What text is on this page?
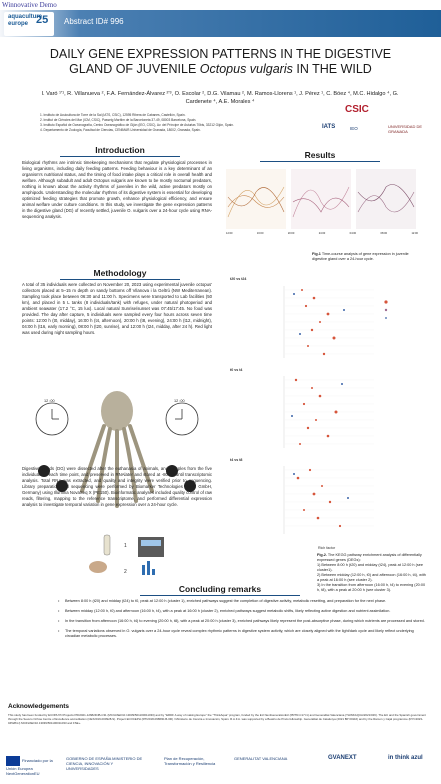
Winnovative Demo
aquaculture
europe 25 Abstract ID# 996
DAILY GENE EXPRESSION PATTERNS IN THE DIGESTIVE
GLAND OF JUVENILE Octopus vulgaris IN THE WILD
I. Varó ¹ʼ¹, R. Villanueva ², F.A. Fernández-Álvarez ²ʼ³, O. Escolar ², D.G. Vilamau ², M. Ramos-Llorens ¹, J. Pérez ¹, C. Bóez ⁴, M.C. Hidalgo ⁴, G. Cardenete ⁴, A.E. Morales ⁴
1. Instituto de Acuicultura de Torre de la Sal (IATS, CSIC), 12595 Ribera de Cabanes, Castellón, Spain.
2. Institut de Ciències del Mar (ICM, CSIC), Passeig Marítim de la Barceloneta 37-49, 08003 Barcelona, Spain.
3. Instituto Español de Oceanografía, Centro Oceanográfico de Gijón (IEO, CSIC), Av. del Príncipe de Asturias 70bis, 33212 Gijón, Spain.
4. Departamento de Zoología, Facultad de Ciencias, CENIMAR-Universidad de Granada, 18002, Granada, Spain.
CSIC
IATS	IEO	UNIVERSIDAD DE GRANADA
Introduction
Biological rhythms are intrinsic timekeeping mechanisms that regulate physiological processes in living organisms, including daily feeding patterns. Feeding behaviour is a key determinant of an organism's nutritional status, and the timing of food intake plays a critical role in overall health and welfare. Although subadult and adult Octopus vulgaris are known to be mostly nocturnal predators, nothing is known about the activity rhythms of juveniles in the wild, active predators mostly on amphipods. Understanding the molecular rhythms of its digestive system is essential for developing optimized feeding strategies that promote growth, enhance physiological efficiency, and ensure animal welfare under culture conditions. In this study, we investigate the gene expression patterns in the digestive gland (DG) of recently settled, juvenile O. vulgaris over a 24-hour cycle using RNA-sequencing analysis.
Methodology
A total of 35 individuals were collected on November 20, 2023 using experimental juvenile octopus' collectors placed at 5–15 m depth on sandy bottoms off Vilanova i la Geltrú (NW Mediterranean). Sampling took place between 06:30 and 11:00 h. Specimens were transported to Lab facilities (50 km), and placed in 5 L tanks (8 individuals/tank) with refuges, under natural photoperiod and ambient seawater (17.2 °C, 15 lux). Local natural Sunrise/sunset was 07:45/17:45. No food was provided. The day after capture, 5 individuals were sampled every four hours across seven time points: 12:00 h (t0, midday), 16:00 h (t4, afternoon), 20:00 h (t8, evening), 24:00 h (t12, midnight), 04:00 h (t16, early morning), 08:00 h (t20, sunrise), and 12:00 h (t24, midday, after 24 h). Red light was used during night sampling hours.
12 :00	12 :00
Digestive glands (DG) were dissected after the euthanasia of animals, and samples from the five individuals at each time point, and preserved in RNAlater and stored at -80 °C until transcriptomic analysis. Total RNA was extracted, and quality and integrity were verified prior to sequencing. Library preparation and sequencing were performed by Biomarker Technologies (BMK GmbH, Germany) using Illumina NovaSeq X (PE150). Bioinformatic analyses included quality control of raw reads, filtering, mapping to the reference transcriptome, and performed differential expression analysis to investigate temporal variation in gene expression over a 24-hour cycle.
1
2
Results
12:00	16:00	20:00	24:00	04:00	08:00	12:00
Fig.1 Time-course analysis of gene expression in juvenile digestive gland over a 24-hour cycle.
t20 vs t24
t0 vs t4
t4 vs t8
Rich factor
Fig.2. The KEGG pathway enrichment analysis of differentially expressed genes (DEGs):
1) Between 8:00 h (t20) and midday (t24), peak at 12:00 h (see cluster1).
2) Between midday (12:00 h, t0) and afternoon (16:00 h, t4), with a peak at 16:00 h (see cluster 2).
3) In the transition from afternoon (16:00 h, t4) to evening (20:00 h, t8), with a peak at 20:00 h (see cluster 3).
Concluding remarks
• Between 8:00 h (t20) and midday (t24) to t0, peak at 12:00 h (cluster 1), enriched pathways suggest the completion of digestive activity, metabolic resetting, and preparation for the next phase.
• Between midday (12:00 h, t0) and afternoon (16:00 h, t4), with a peak at 16:00 h (cluster 2), enriched pathways suggest metabolic shifts, likely reflecting active digestion and nutrient assimilation.
• In the transition from afternoon (16:00 h, t4) to evening (20:00 h, t8), with a peak at 20:00 h (cluster 3), enriched pathways likely represent the post-absorptive phase, during which nutrients are processed and stored.
• The temporal variations observed in O. vulgaris over a 24-hour cycle reveal complex rhythmic patterns in digestive system activity, which are closely aligned with the light/dark cycle and likely reflect underlying circadian metabolic processes.
Acknowledgements
This study has been funded by ECOPHYN Projects PID2021-126824NB-C31 (MCIU/AEI/10.13039/501100011033) and by "ERDF A way of making Europe" the "ThinkAqua" program, funded by the EU NextGenerationEU (PRTR-C17.I1) and Generalitat Valenciana (THINKAQUA/2021/026). The EU and the Spanish government through the Severo Ochoa Centre of Excellence accreditation (CEX2019-000928-S). Project ECOCEPH (RTI2018-098690-B-I00) / Ministerio de Ciencia e Innovación, Spain. R.A.F.A. was supported by a Beatriu de Pinós fellowship. Generalitat de Catalunya (2021 BP 00116) and by the Ramon y Cajal programme (RYC2023-045284-I) MCIN/AEI/10.13039/501100011033 and FSE+.
Financiado por la Unión Europea NextGenerationEU
GOBIERNO DE ESPAÑA MINISTERIO DE CIENCIA, INNOVACIÓN Y UNIVERSIDADES
Plan de Recuperación, Transformación y Resiliencia
GENERALITAT VALENCIANA	GVANEXT	in think azul
